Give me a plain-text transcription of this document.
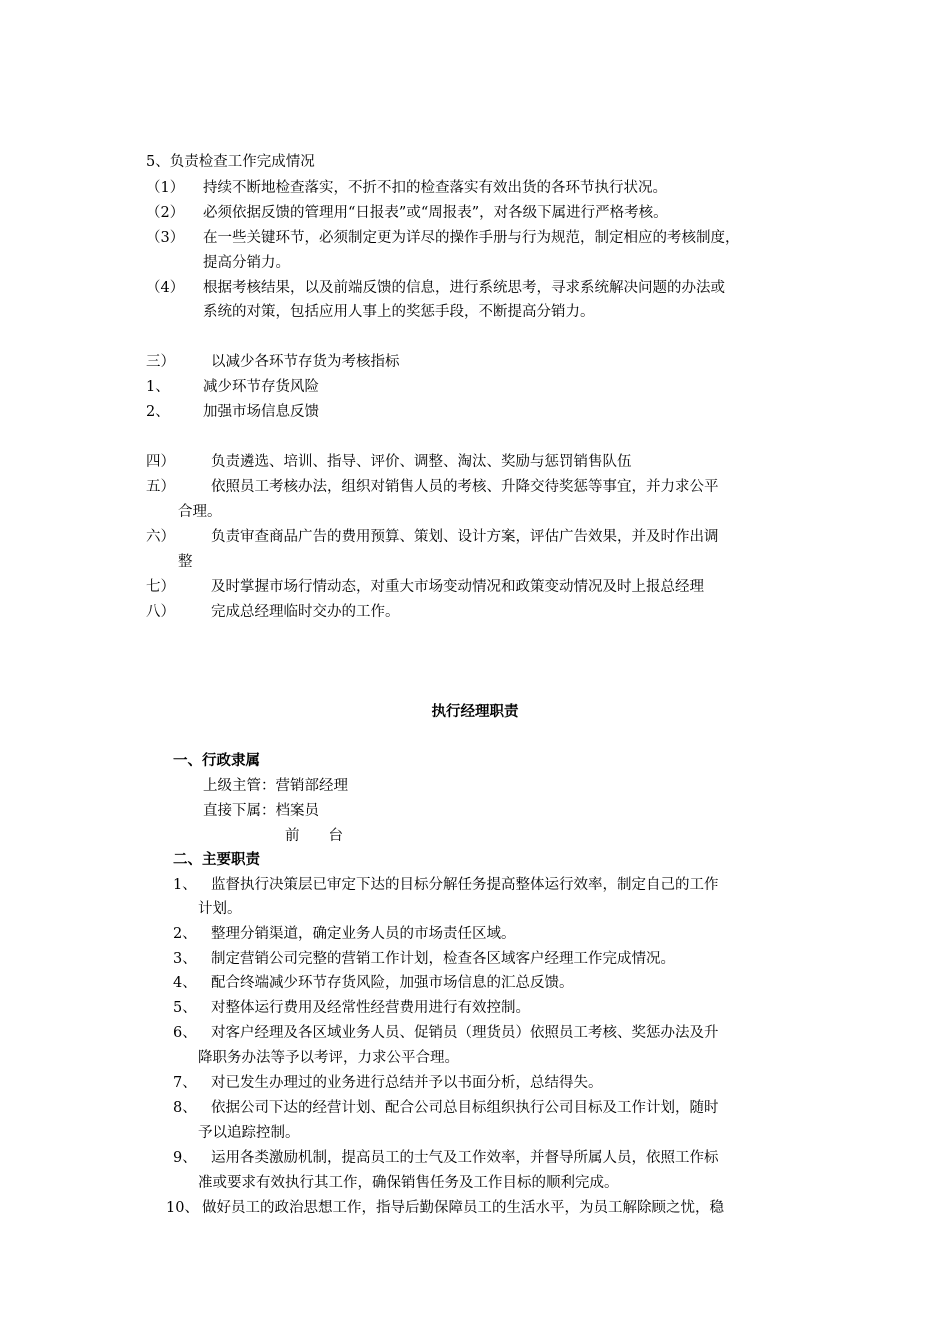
5、负责检查工作完成情况
（1） 持续不断地检查落实，不折不扣的检查落实有效出货的各环节执行状况。
（2） 必须依据反馈的管理用“日报表”或“周报表”，对各级下属进行严格考核。
（3） 在一些关键环节，必须制定更为详尽的操作手册与行为规范，制定相应的考核制度，
提高分销力。
（4） 根据考核结果，以及前端反馈的信息，进行系统思考，寻求系统解决问题的办法或
系统的对策，包括应用人事上的奖惩手段，不断提高分销力。
三） 以减少各环节存货为考核指标
1、 减少环节存货风险
2、 加强市场信息反馈
四） 负责遴选、培训、指导、评价、调整、淘汰、奖励与惩罚销售队伍
五） 依照员工考核办法，组织对销售人员的考核、升降交待奖惩等事宜，并力求公平
合理。
六） 负责审查商品广告的费用预算、策划、设计方案，评估广告效果，并及时作出调
整
七） 及时掌握市场行情动态，对重大市场变动情况和政策变动情况及时上报总经理
八） 完成总经理临时交办的工作。
执行经理职责
一、行政隶属
上级主管：营销部经理
直接下属：档案员
前　　台
二、主要职责
1、 监督执行决策层已审定下达的目标分解任务提高整体运行效率，制定自己的工作
计划。
2、 整理分销渠道，确定业务人员的市场责任区域。
3、 制定营销公司完整的营销工作计划，检查各区域客户经理工作完成情况。
4、 配合终端减少环节存货风险，加强市场信息的汇总反馈。
5、 对整体运行费用及经常性经营费用进行有效控制。
6、 对客户经理及各区域业务人员、促销员（理货员）依照员工考核、奖惩办法及升
降职务办法等予以考评，力求公平合理。
7、 对已发生办理过的业务进行总结并予以书面分析，总结得失。
8、 依据公司下达的经营计划、配合公司总目标组织执行公司目标及工作计划，随时
予以追踪控制。
9、 运用各类激励机制，提高员工的士气及工作效率，并督导所属人员，依照工作标
准或要求有效执行其工作，确保销售任务及工作目标的顺利完成。
10、 做好员工的政治思想工作，指导后勤保障员工的生活水平，为员工解除顾之忧，稳
